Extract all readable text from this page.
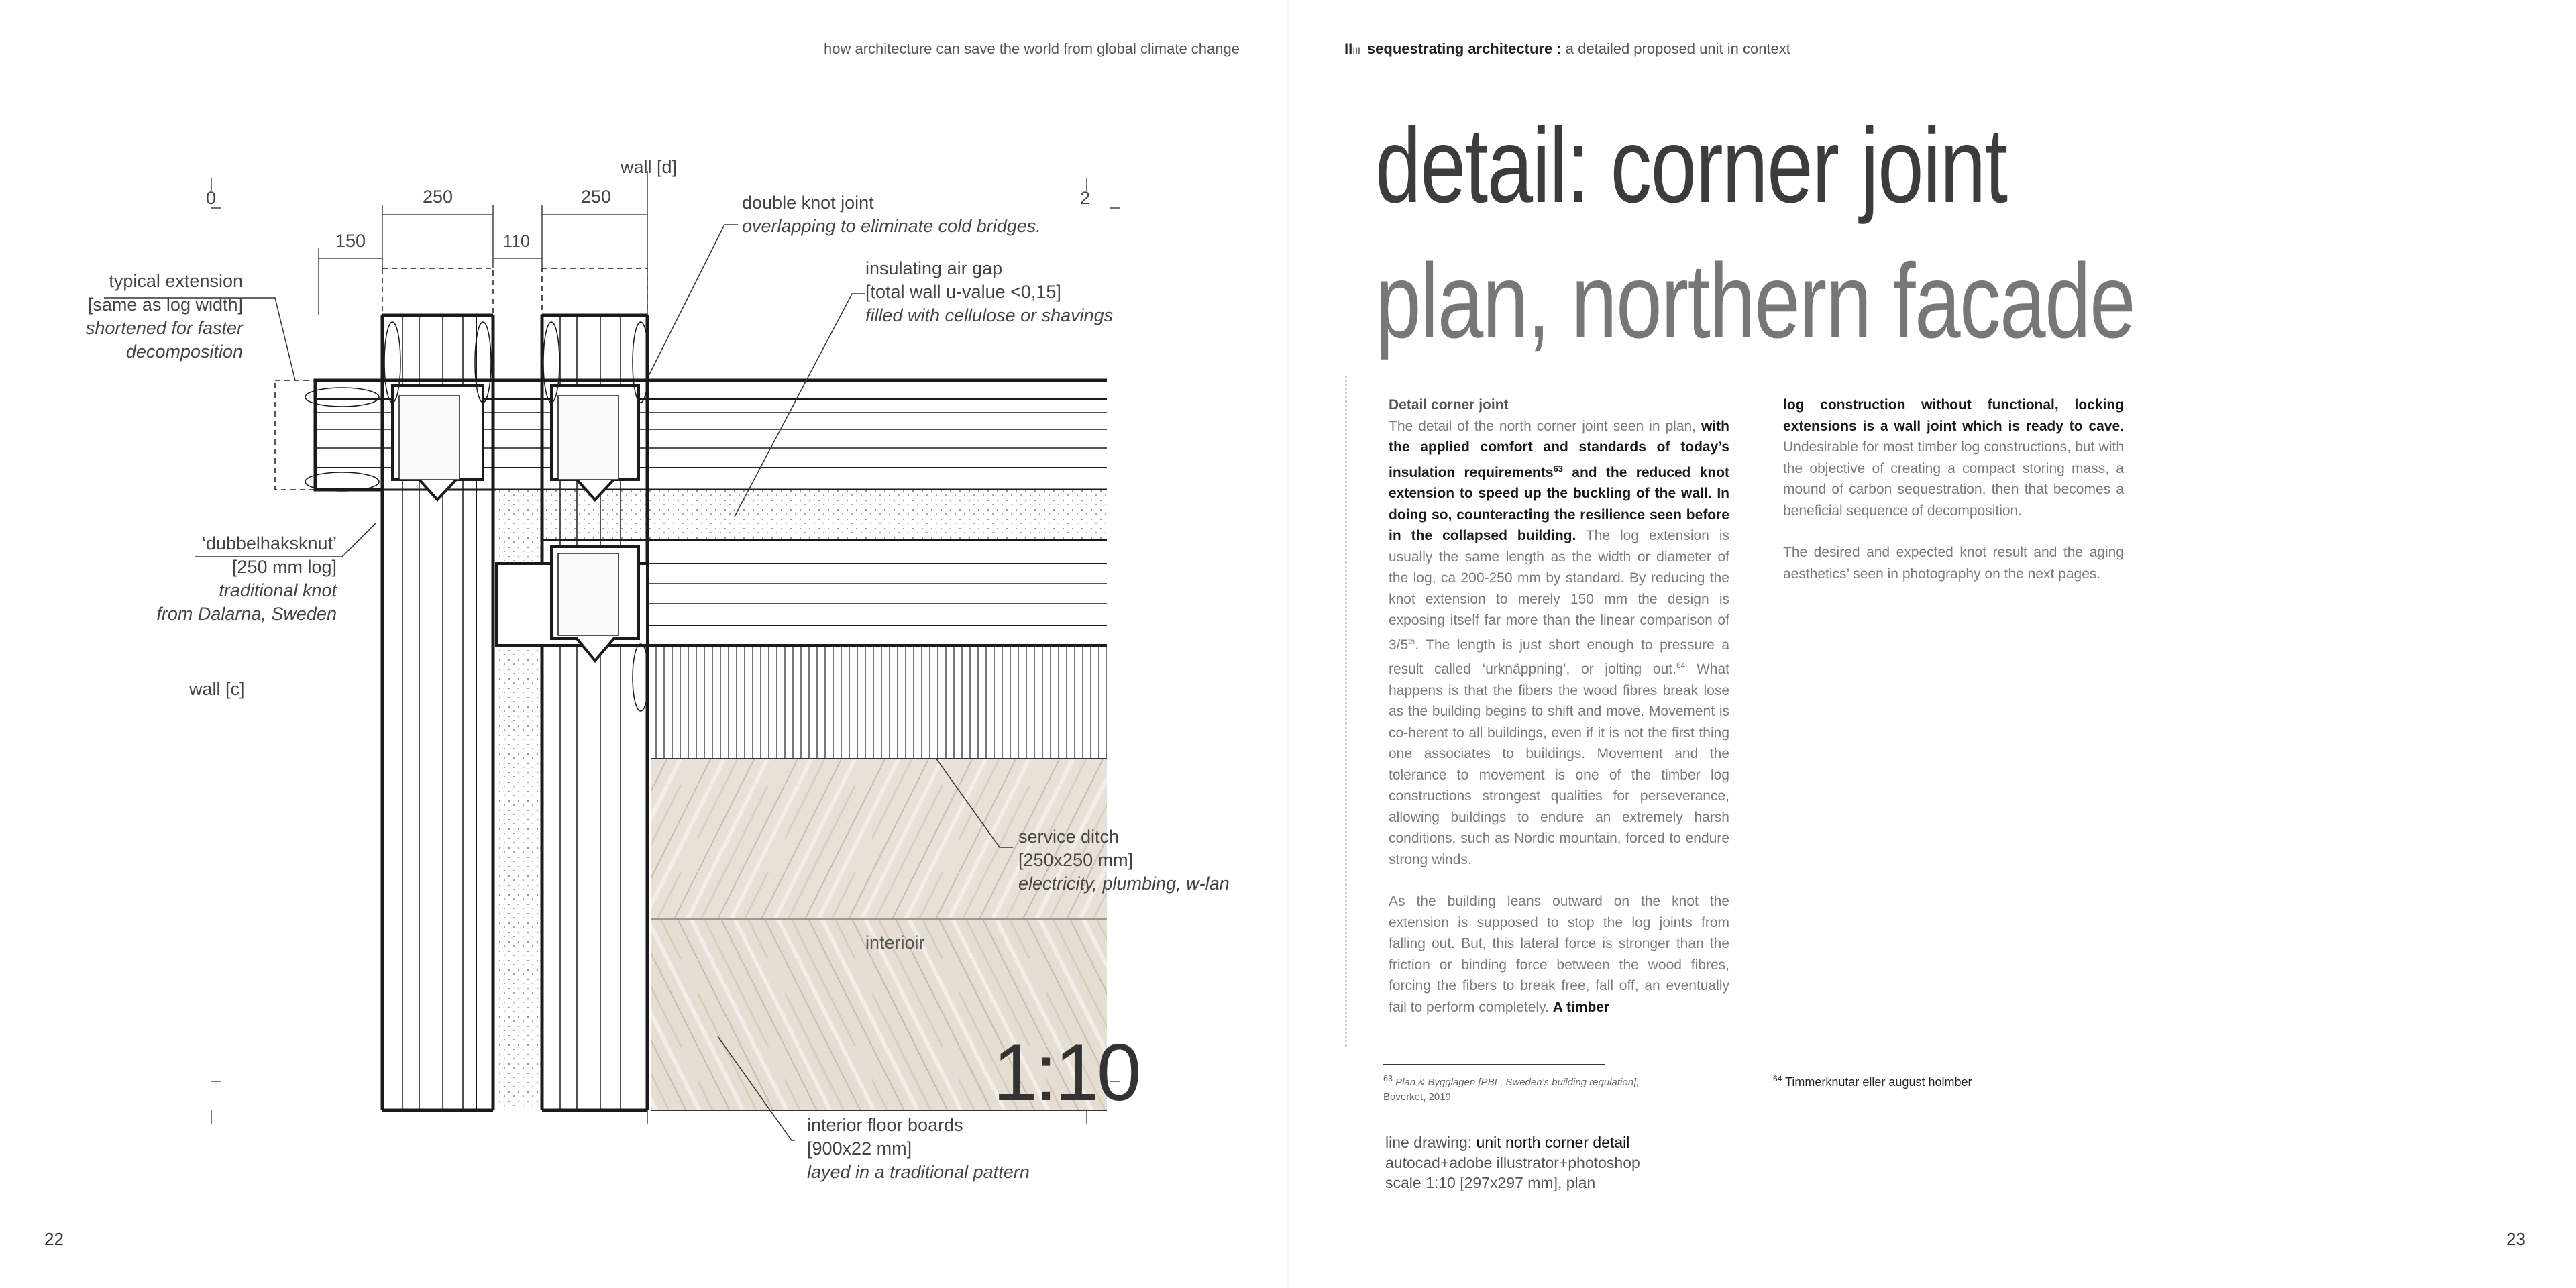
how architecture can save the world from global climate change	IIIII sequestrating architecture : a detailed proposed unit in context
detail: corner joint
plan, northern facade

Detail corner joint
The detail of the north corner joint seen in plan, with the applied comfort and standards of today’s insulation requirements$^{63}$ and the reduced knot extension to speed up the buckling of the wall. In doing so, counteracting the resilience seen before in the collapsed building. The log extension is usually the same length as the width or diameter of the log, ca 200-250 mm by standard. By reducing the knot extension to merely 150 mm the design is exposing itself far more than the linear comparison of 3/5th. The length is just short enough to pressure a result called ‘urknäppning’, or jolting out.$^{64}$ What happens is that the fibers the wood fibres break lose as the building begins to shift and move. Movement is co-herent to all buildings, even if it is not the first thing one associates to buildings. Movement and the tolerance to movement is one of the timber log constructions strongest qualities for perseverance, allowing buildings to endure an extremely harsh conditions, such as Nordic mountain, forced to endure strong winds.

As the building leans outward on the knot the extension is supposed to stop the log joints from falling out. But, this lateral force is stronger than the friction or binding force between the wood fibres, forcing the fibers to break free, fall off, an eventually fail to perform completely. A timber

log construction without functional, locking extensions is a wall joint which is ready to cave. Undesirable for most timber log constructions, but with the objective of creating a compact storing mass, a mound of carbon sequestration, then that becomes a beneficial sequence of decomposition.

The desired and expected knot result and the aging aesthetics’ seen in photography on the next pages.

$^{63}$ Plan & Bygglagen [PBL, Sweden’s building regulation],
Boverket, 2019
$^{64}$ Timmerknutar eller august holmber
line drawing: unit north corner detail
autocad+adobe illustrator+photoshop
scale 1:10 [297x297 mm], plan
22	23
0	2
250	250
150	110
wall [d]
wall [c]
double knot joint
overlapping to eliminate cold bridges.
insulating air gap
[total wall u-value <0,15]
filled with cellulose or shavings
typical extension
[same as log width]
shortened for faster
decomposition
‘dubbelhaksknut’
[250 mm log]
traditional knot
from Dalarna, Sweden
service ditch
[250x250 mm]
electricity, plumbing, w-lan
interioir
interior floor boards
[900x22 mm]
layed in a traditional pattern
1:10
